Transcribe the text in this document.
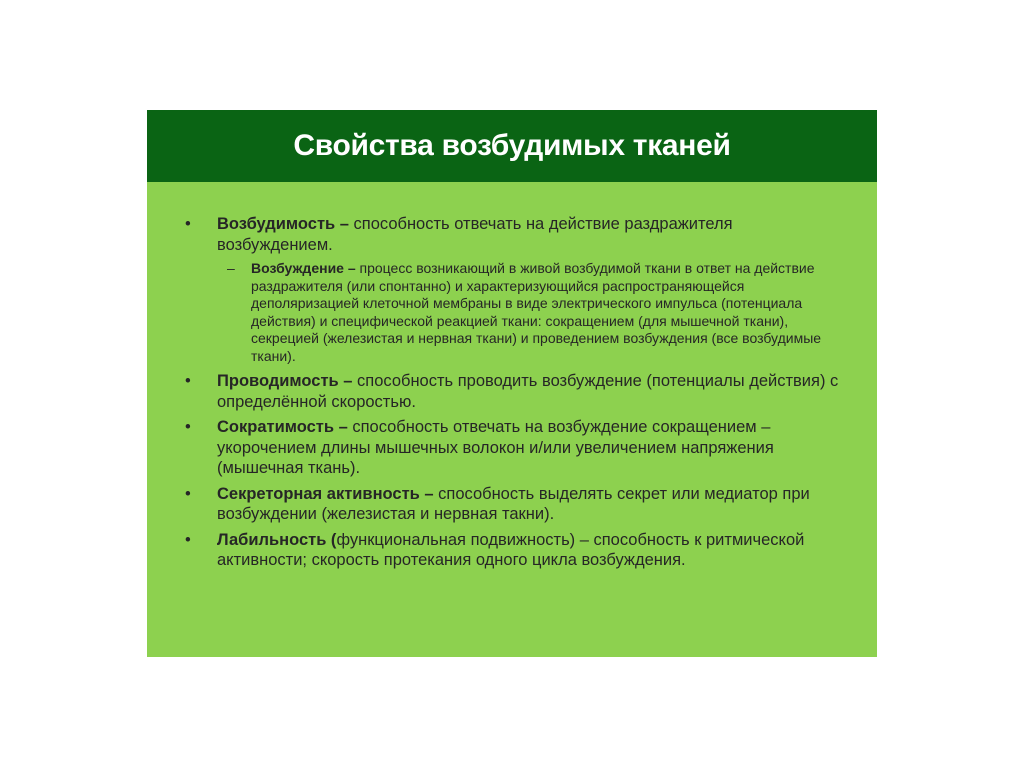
Свойства возбудимых тканей
• Возбудимость – способность отвечать на действие раздражителя возбуждением.
– Возбуждение – процесс возникающий в живой возбудимой ткани в ответ на действие раздражителя (или спонтанно) и характеризующийся распространяющейся деполяризацией клеточной мембраны в виде электрического импульса (потенциала действия) и специфической реакцией ткани: сокращением (для мышечной ткани), секрецией (железистая и нервная ткани) и проведением возбуждения (все возбудимые ткани).
• Проводимость – способность проводить возбуждение (потенциалы действия) с определённой скоростью.
• Сократимость – способность отвечать на возбуждение сокращением – укорочением длины мышечных волокон и/или увеличением напряжения (мышечная ткань).
• Секреторная активность – способность выделять секрет или медиатор при возбуждении (железистая и нервная такни).
• Лабильность (функциональная подвижность) – способность к ритмической активности; скорость протекания одного цикла возбуждения.
